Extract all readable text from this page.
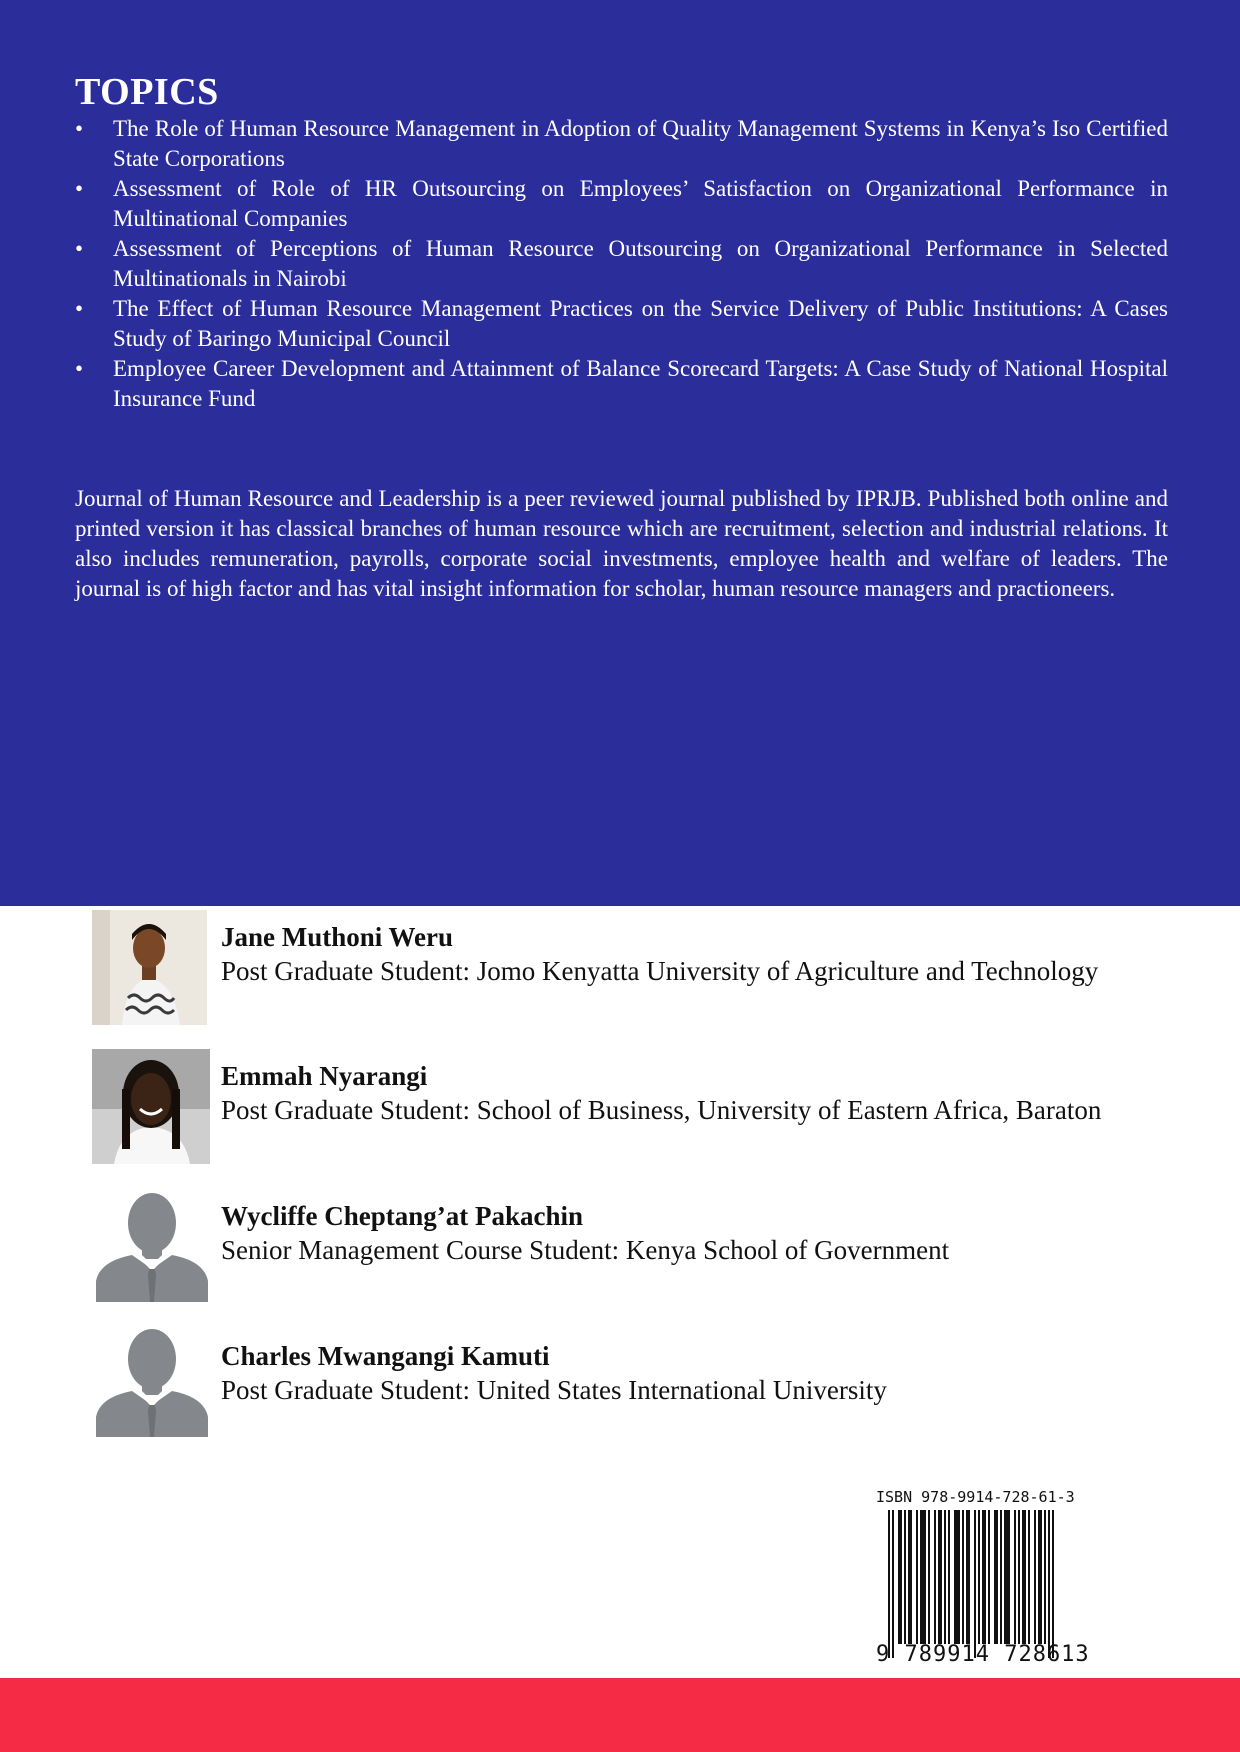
TOPICS
• The Role of Human Resource Management in Adoption of Quality Management Systems in Kenya’s Iso Certified State Corporations
• Assessment of Role of HR Outsourcing on Employees’ Satisfaction on Organizational Performance in Multinational Companies
• Assessment of Perceptions of Human Resource Outsourcing on Organizational Performance in Selected Multinationals in Nairobi
• The Effect of Human Resource Management Practices on the Service Delivery of Public Institutions: A Cases Study of Baringo Municipal Council
• Employee Career Development and Attainment of Balance Scorecard Targets: A Case Study of National Hospital Insurance Fund

Journal of Human Resource and Leadership is a peer reviewed journal published by IPRJB. Published both online and printed version it has classical branches of human resource which are recruitment, selection and industrial relations. It also includes remuneration, payrolls, corporate social investments, employee health and welfare of leaders. The journal is of high factor and has vital insight information for scholar, human resource managers and practioneers.

Jane Muthoni Weru
Post Graduate Student: Jomo Kenyatta University of Agriculture and Technology
Emmah Nyarangi
Post Graduate Student: School of Business, University of Eastern Africa, Baraton
Wycliffe Cheptang’at Pakachin
Senior Management Course Student: Kenya School of Government
Charles Mwangangi Kamuti
Post Graduate Student: United States International University
ISBN 978-9914-728-61-3
9 789914 728613
